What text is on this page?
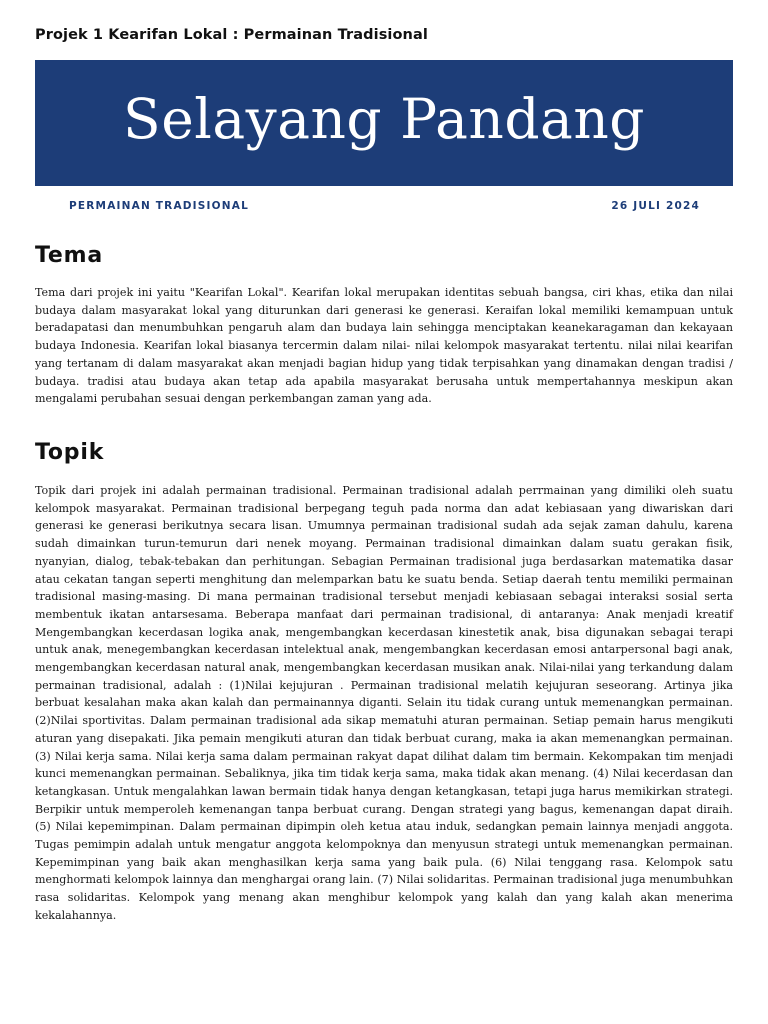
Projek 1 Kearifan Lokal : Permainan Tradisional
Selayang Pandang
PERMAINAN TRADISIONAL	26 JULI 2024
Tema

Tema dari projek ini yaitu "Kearifan Lokal". Kearifan lokal merupakan identitas sebuah bangsa, ciri khas, etika dan nilai budaya dalam masyarakat lokal yang diturunkan dari generasi ke generasi. Keraifan lokal memiliki kemampuan untuk beradapatasi dan menumbuhkan pengaruh alam dan budaya lain sehingga menciptakan keanekaragaman dan kekayaan budaya Indonesia. Kearifan lokal biasanya tercermin dalam nilai- nilai kelompok masyarakat tertentu. nilai nilai kearifan yang tertanam di dalam masyarakat akan menjadi bagian hidup yang tidak terpisahkan yang dinamakan dengan tradisi / budaya. tradisi atau budaya akan tetap ada apabila masyarakat berusaha untuk mempertahannya meskipun akan mengalami perubahan sesuai dengan perkembangan zaman yang ada.

Topik

Topik dari projek ini adalah permainan tradisional. Permainan tradisional adalah perrmainan yang dimiliki oleh suatu kelompok masyarakat. Permainan tradisional berpegang teguh pada norma dan adat kebiasaan yang diwariskan dari generasi ke generasi berikutnya secara lisan. Umumnya permainan tradisional sudah ada sejak zaman dahulu, karena sudah dimainkan turun-temurun dari nenek moyang. Permainan tradisional dimainkan dalam suatu gerakan fisik, nyanyian, dialog, tebak-tebakan dan perhitungan. Sebagian Permainan tradisional juga berdasarkan matematika dasar atau cekatan tangan seperti menghitung dan melemparkan batu ke suatu benda. Setiap daerah tentu memiliki permainan tradisional masing-masing. Di mana permainan tradisional tersebut menjadi kebiasaan sebagai interaksi sosial serta membentuk ikatan antarsesama. Beberapa manfaat dari permainan tradisional, di antaranya: Anak menjadi kreatif Mengembangkan kecerdasan logika anak, mengembangkan kecerdasan kinestetik anak, bisa digunakan sebagai terapi untuk anak, menegembangkan kecerdasan intelektual anak, mengembangkan kecerdasan emosi antarpersonal bagi anak, mengembangkan kecerdasan natural anak, mengembangkan kecerdasan musikan anak. Nilai-nilai yang terkandung dalam permainan tradisional, adalah : (1)Nilai kejujuran . Permainan tradisional melatih kejujuran seseorang. Artinya jika berbuat kesalahan maka akan kalah dan permainannya diganti. Selain itu tidak curang untuk memenangkan permainan. (2)Nilai sportivitas. Dalam permainan tradisional ada sikap mematuhi aturan permainan. Setiap pemain harus mengikuti aturan yang disepakati. Jika pemain mengikuti aturan dan tidak berbuat curang, maka ia akan memenangkan permainan. (3) Nilai kerja sama. Nilai kerja sama dalam permainan rakyat dapat dilihat dalam tim bermain. Kekompakan tim menjadi kunci memenangkan permainan. Sebaliknya, jika tim tidak kerja sama, maka tidak akan menang. (4) Nilai kecerdasan dan ketangkasan. Untuk mengalahkan lawan bermain tidak hanya dengan ketangkasan, tetapi juga harus memikirkan strategi. Berpikir untuk memperoleh kemenangan tanpa berbuat curang. Dengan strategi yang bagus, kemenangan dapat diraih. (5) Nilai kepemimpinan. Dalam permainan dipimpin oleh ketua atau induk, sedangkan pemain lainnya menjadi anggota. Tugas pemimpin adalah untuk mengatur anggota kelompoknya dan menyusun strategi untuk memenangkan permainan. Kepemimpinan yang baik akan menghasilkan kerja sama yang baik pula. (6) Nilai tenggang rasa. Kelompok satu menghormati kelompok lainnya dan menghargai orang lain. (7) Nilai solidaritas. Permainan tradisional juga menumbuhkan rasa solidaritas. Kelompok yang menang akan menghibur kelompok yang kalah dan yang kalah akan menerima kekalahannya.
